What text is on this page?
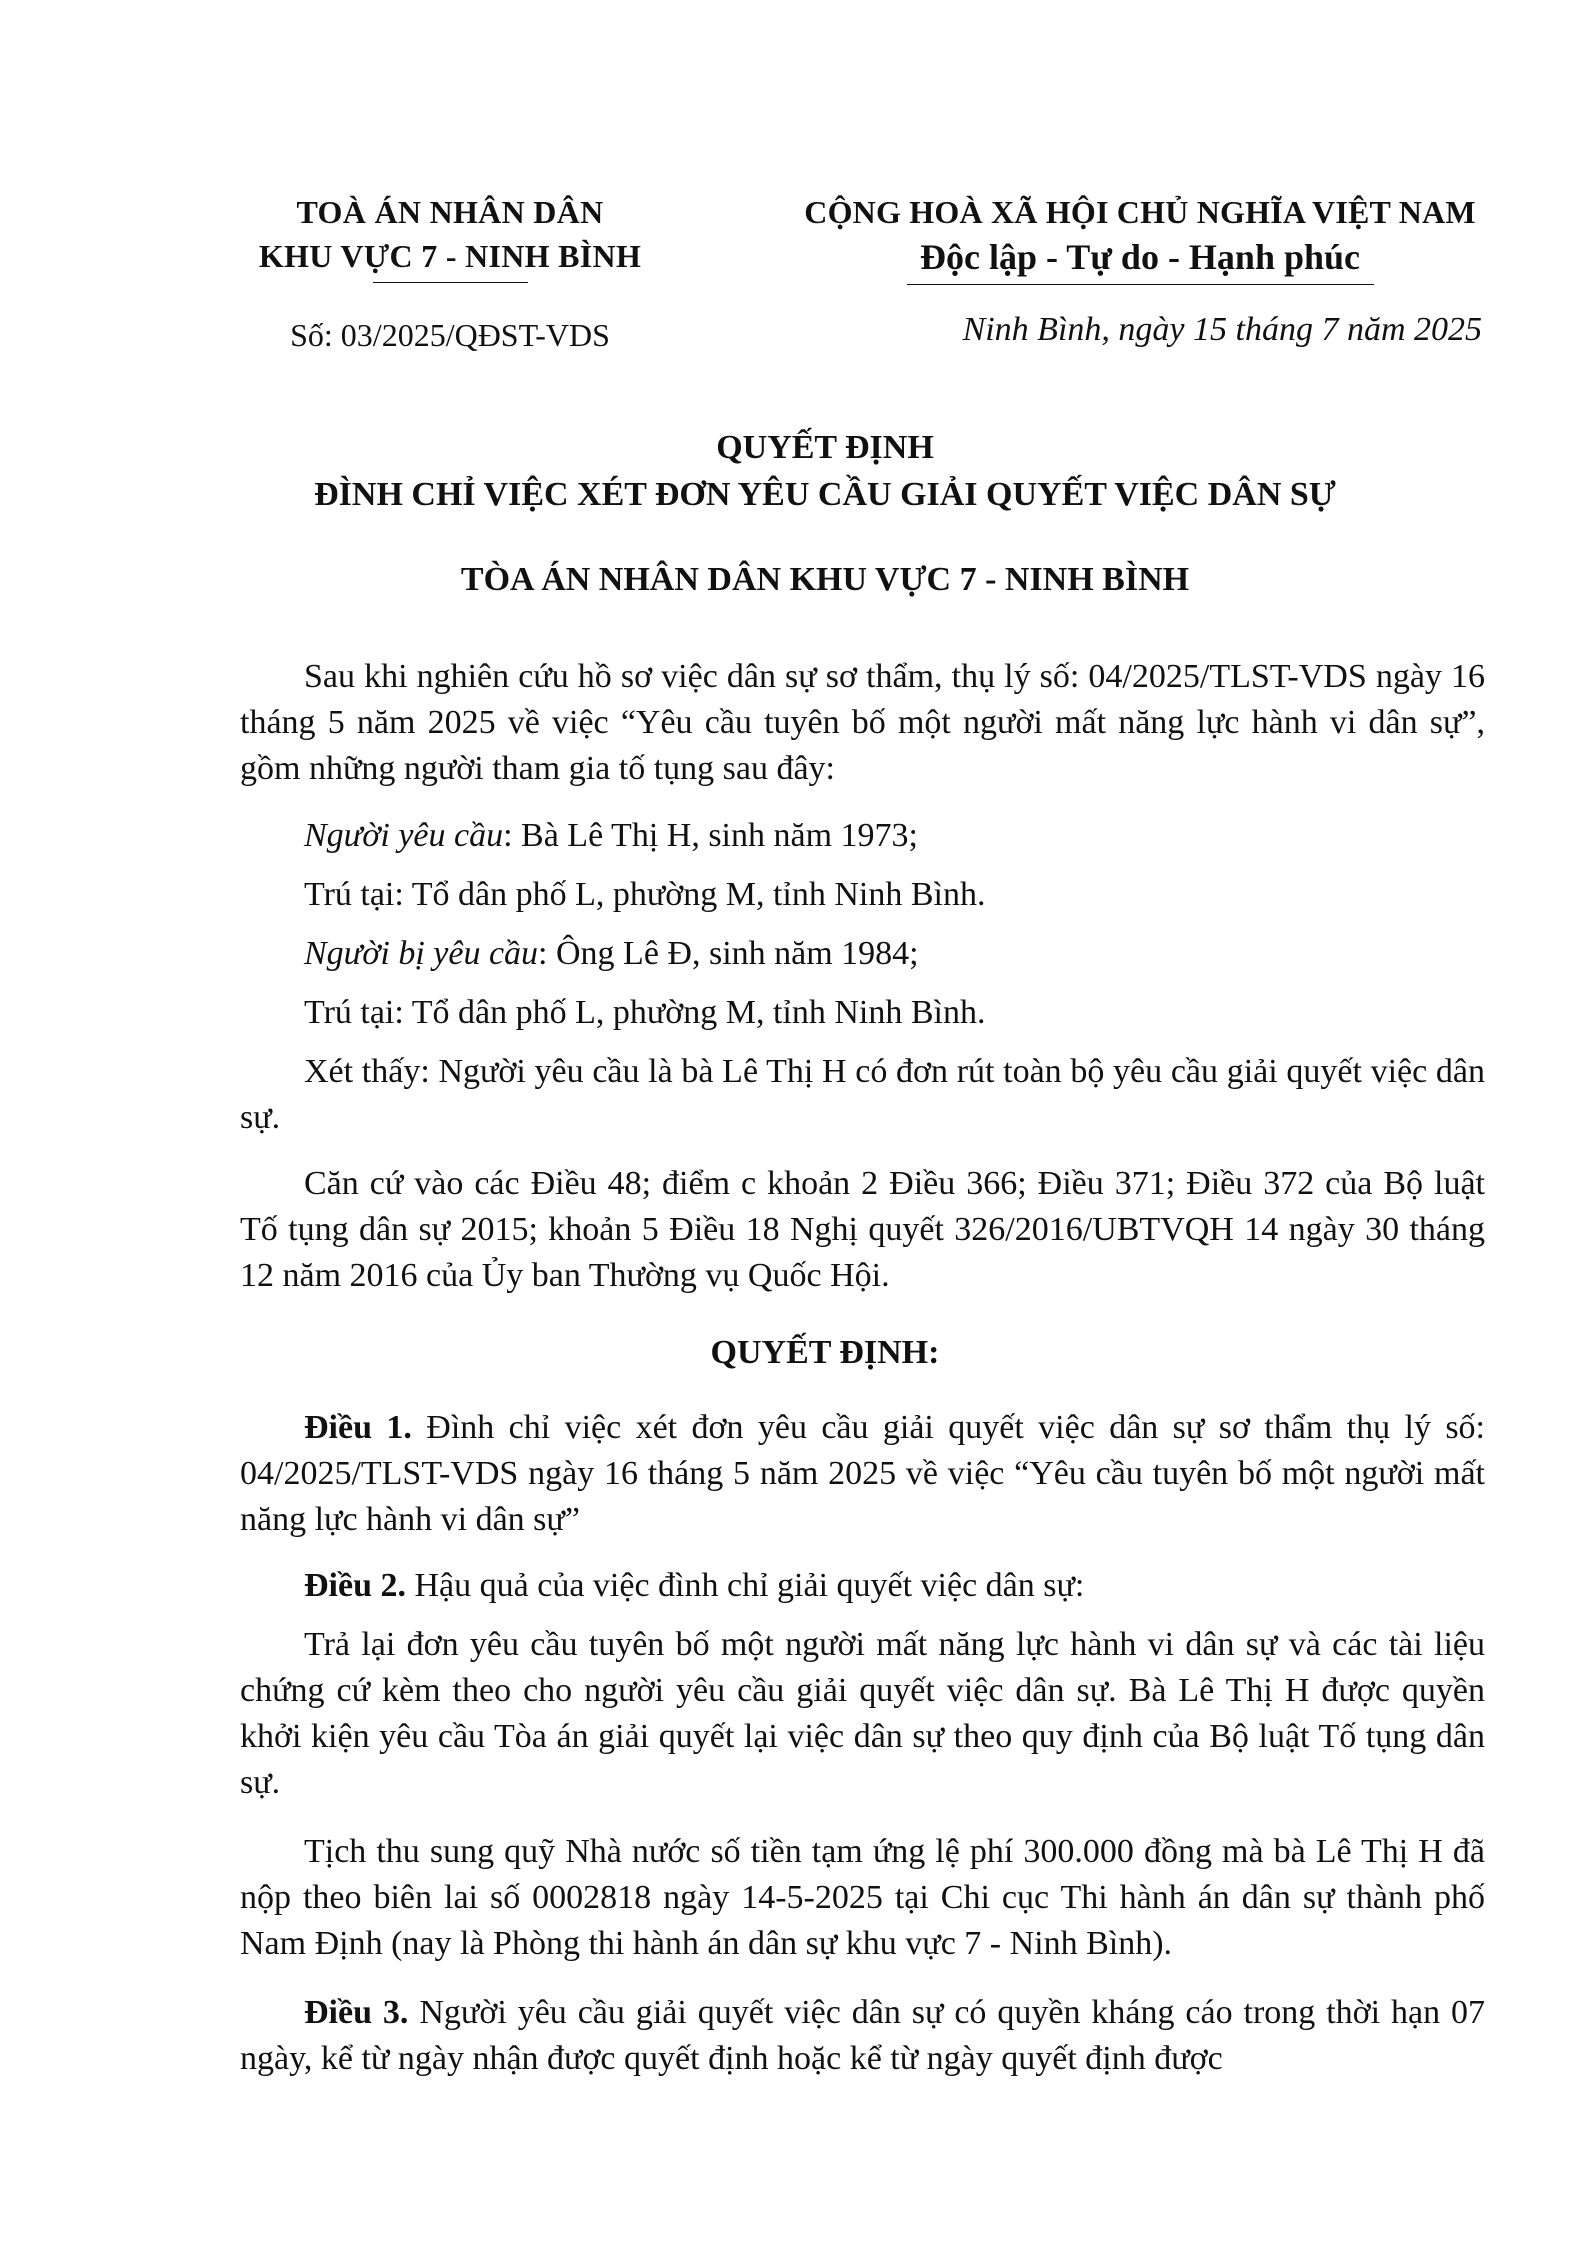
TOÀ ÁN NHÂN DÂN
KHU VỰC 7 - NINH BÌNH
Số: 03/2025/QĐST-VDS
CỘNG HOÀ XÃ HỘI CHỦ NGHĨA VIỆT NAM
Độc lập - Tự do - Hạnh phúc
Ninh Bình, ngày 15 tháng 7 năm 2025
QUYẾT ĐỊNH
ĐÌNH CHỈ VIỆC XÉT ĐƠN YÊU CẦU GIẢI QUYẾT VIỆC DÂN SỰ
TÒA ÁN NHÂN DÂN KHU VỰC 7 - NINH BÌNH

Sau khi nghiên cứu hồ sơ việc dân sự sơ thẩm, thụ lý số: 04/2025/TLST-VDS ngày 16 tháng 5 năm 2025 về việc “Yêu cầu tuyên bố một người mất năng lực hành vi dân sự”, gồm những người tham gia tố tụng sau đây:

Người yêu cầu: Bà Lê Thị H, sinh năm 1973;

Trú tại: Tổ dân phố L, phường M, tỉnh Ninh Bình.

Người bị yêu cầu: Ông Lê Đ, sinh năm 1984;

Trú tại: Tổ dân phố L, phường M, tỉnh Ninh Bình.

Xét thấy: Người yêu cầu là bà Lê Thị H có đơn rút toàn bộ yêu cầu giải quyết việc dân sự.

Căn cứ vào các Điều 48; điểm c khoản 2 Điều 366; Điều 371; Điều 372 của Bộ luật Tố tụng dân sự 2015; khoản 5 Điều 18 Nghị quyết 326/2016/UBTVQH 14 ngày 30 tháng 12 năm 2016 của Ủy ban Thường vụ Quốc Hội.

QUYẾT ĐỊNH:

Điều 1. Đình chỉ việc xét đơn yêu cầu giải quyết việc dân sự sơ thẩm thụ lý số: 04/2025/TLST-VDS ngày 16 tháng 5 năm 2025 về việc “Yêu cầu tuyên bố một người mất năng lực hành vi dân sự”

Điều 2. Hậu quả của việc đình chỉ giải quyết việc dân sự:

Trả lại đơn yêu cầu tuyên bố một người mất năng lực hành vi dân sự và các tài liệu chứng cứ kèm theo cho người yêu cầu giải quyết việc dân sự. Bà Lê Thị H được quyền khởi kiện yêu cầu Tòa án giải quyết lại việc dân sự theo quy định của Bộ luật Tố tụng dân sự.

Tịch thu sung quỹ Nhà nước số tiền tạm ứng lệ phí 300.000 đồng mà bà Lê Thị H đã nộp theo biên lai số 0002818 ngày 14-5-2025 tại Chi cục Thi hành án dân sự thành phố Nam Định (nay là Phòng thi hành án dân sự khu vực 7 - Ninh Bình).

Điều 3. Người yêu cầu giải quyết việc dân sự có quyền kháng cáo trong thời hạn 07 ngày, kể từ ngày nhận được quyết định hoặc kể từ ngày quyết định được
